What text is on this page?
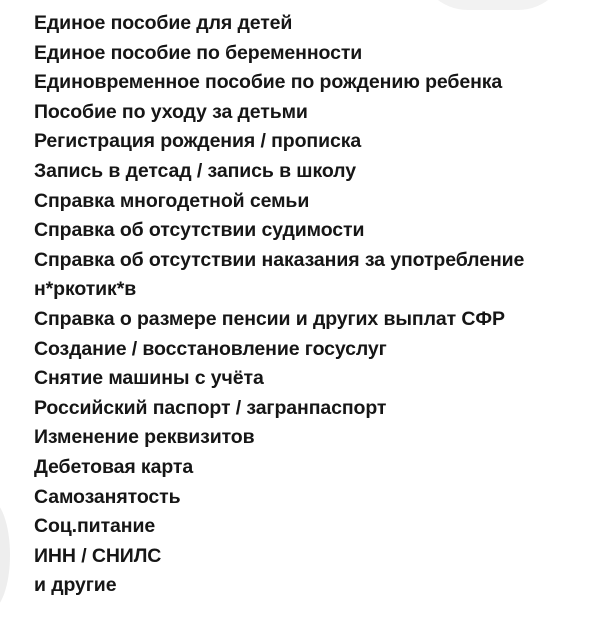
Единое пособие для детей
Единое пособие по беременности
Единовременное пособие по рождению ребенка
Пособие по уходу за детьми
Регистрация рождения / прописка
Запись в детсад / запись в школу
Справка многодетной семьи
Справка об отсутствии судимости
Справка об отсутствии наказания за употребление
н*ркотик*в
Справка о размере пенсии и других выплат СФР
Создание / восстановление госуслуг
Снятие машины с учёта
Российский паспорт / загранпаспорт
Изменение реквизитов
Дебетовая карта
Самозанятость
Соц.питание
ИНН / СНИЛС
и другие
